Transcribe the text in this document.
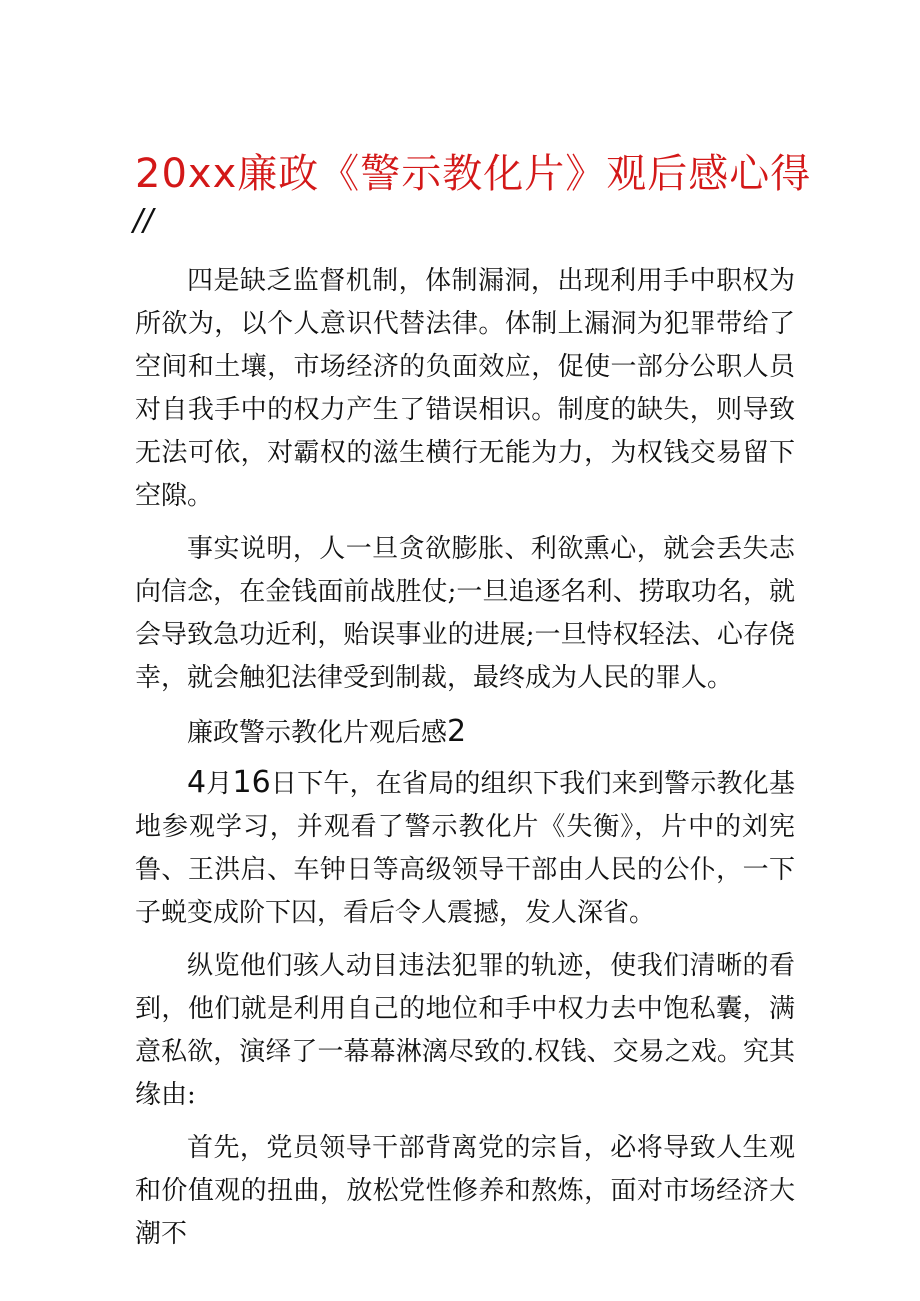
20xx廉政《警示教化片》观后感心得
//

四是缺乏监督机制，体制漏洞，出现利用手中职权为所欲为，以个人意识代替法律。体制上漏洞为犯罪带给了空间和土壤，市场经济的负面效应，促使一部分公职人员对自我手中的权力产生了错误相识。制度的缺失，则导致无法可依，对霸权的滋生横行无能为力，为权钱交易留下空隙。

事实说明，人一旦贪欲膨胀、利欲熏心，就会丢失志向信念，在金钱面前战胜仗;一旦追逐名利、捞取功名，就会导致急功近利，贻误事业的进展;一旦恃权轻法、心存侥幸，就会触犯法律受到制裁，最终成为人民的罪人。

廉政警示教化片观后感2

4月16日下午，在省局的组织下我们来到警示教化基地参观学习，并观看了警示教化片《失衡》，片中的刘宪鲁、王洪启、车钟日等高级领导干部由人民的公仆，一下子蜕变成阶下囚，看后令人震撼，发人深省。

纵览他们骇人动目违法犯罪的轨迹，使我们清晰的看到，他们就是利用自己的地位和手中权力去中饱私囊，满意私欲，演绎了一幕幕淋漓尽致的.权钱、交易之戏。究其缘由:

首先，党员领导干部背离党的宗旨，必将导致人生观和价值观的扭曲，放松党性修养和熬炼，面对市场经济大潮不
